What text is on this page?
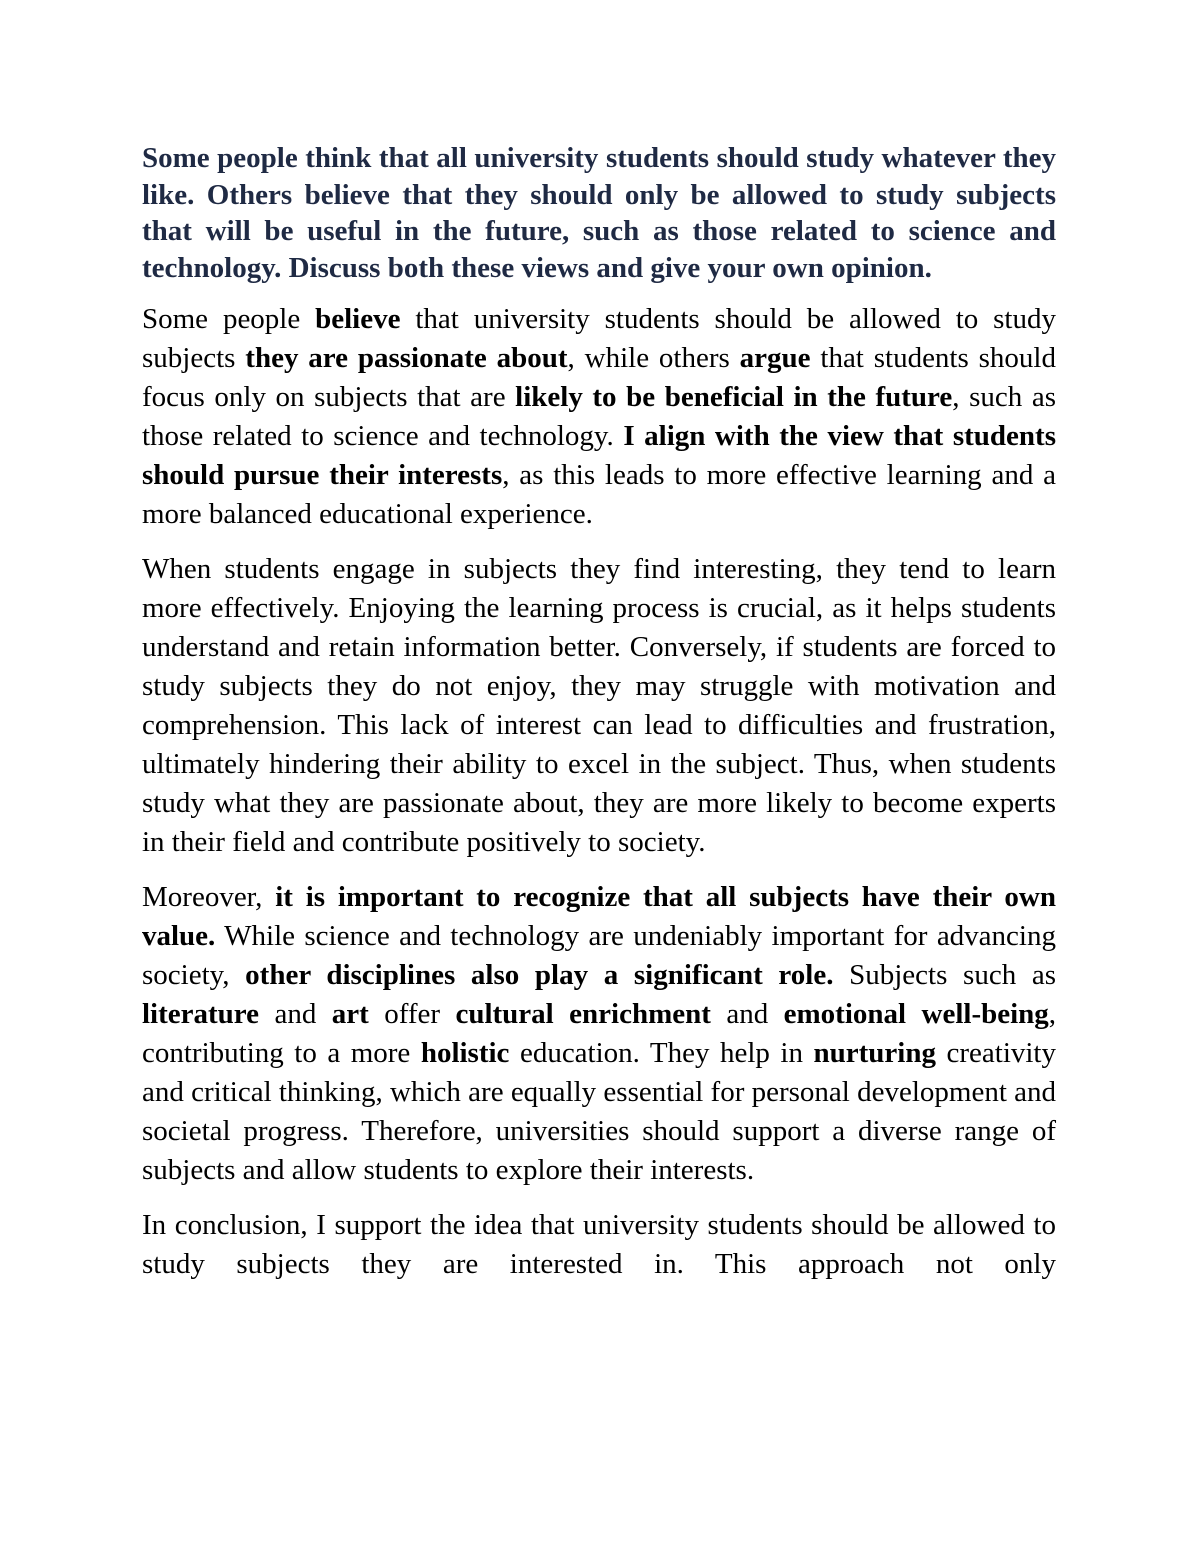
Some people think that all university students should study whatever they like. Others believe that they should only be allowed to study subjects that will be useful in the future, such as those related to science and technology. Discuss both these views and give your own opinion.

Some people believe that university students should be allowed to study subjects they are passionate about, while others argue that students should focus only on subjects that are likely to be beneficial in the future, such as those related to science and technology. I align with the view that students should pursue their interests, as this leads to more effective learning and a more balanced educational experience.

When students engage in subjects they find interesting, they tend to learn more effectively. Enjoying the learning process is crucial, as it helps students understand and retain information better. Conversely, if students are forced to study subjects they do not enjoy, they may struggle with motivation and comprehension. This lack of interest can lead to difficulties and frustration, ultimately hindering their ability to excel in the subject. Thus, when students study what they are passionate about, they are more likely to become experts in their field and contribute positively to society.

Moreover, it is important to recognize that all subjects have their own value. While science and technology are undeniably important for advancing society, other disciplines also play a significant role. Subjects such as literature and art offer cultural enrichment and emotional well-being, contributing to a more holistic education. They help in nurturing creativity and critical thinking, which are equally essential for personal development and societal progress. Therefore, universities should support a diverse range of subjects and allow students to explore their interests.

In conclusion, I support the idea that university students should be allowed to study subjects they are interested in. This approach not only
